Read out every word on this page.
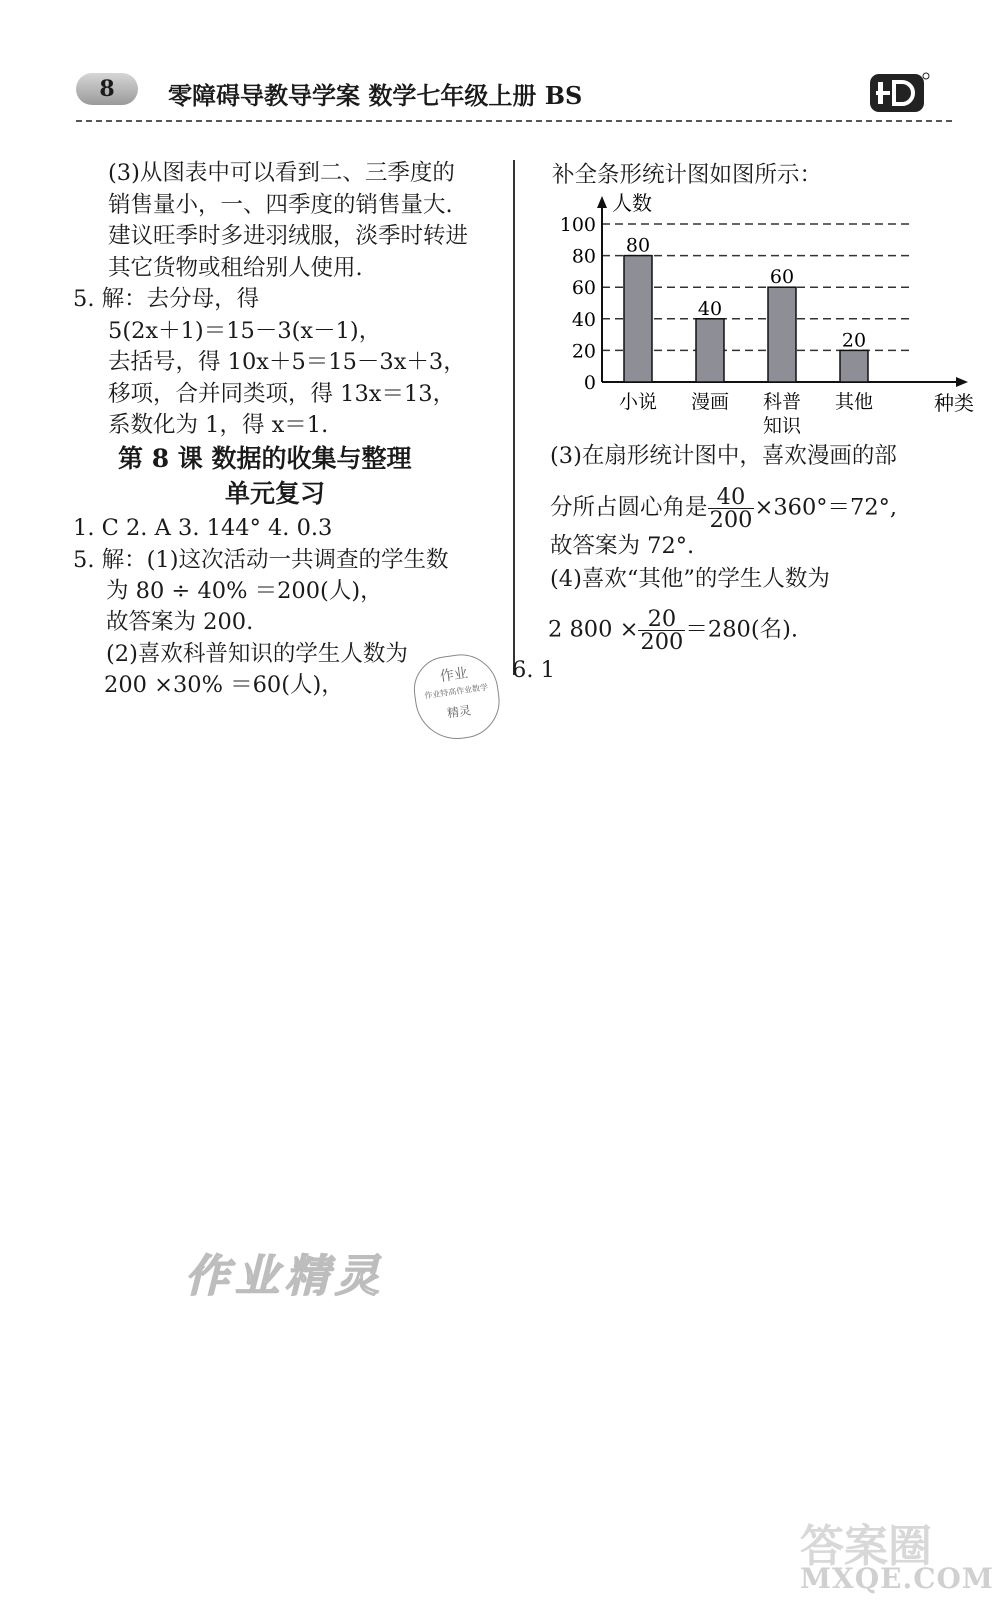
8	零障碍导教导学案 数学七年级上册 BS
(3)从图表中可以看到二、三季度的
销售量小，一、四季度的销售量大.
建议旺季时多进羽绒服，淡季时转进
其它货物或租给别人使用.
5. 解：去分母，得
5(2x＋1)＝15－3(x－1)，
去括号，得 10x＋5＝15－3x＋3，
移项，合并同类项，得 13x＝13，
系数化为 1，得 x＝1.
第 8 课 数据的收集与整理
单元复习
1. C 2. A 3. 144° 4. 0.3
5. 解：(1)这次活动一共调查的学生数
为 80 ÷ 40% ＝200(人)，
故答案为 200.
(2)喜欢科普知识的学生人数为
200 ×30% ＝60(人)，	作业
作业特高作业数学
精灵
补全条形统计图如图所示：
0
20
40
60
80
100
人数
种类
80
小说
40
漫画
60
科普
知识
20
其他
(3)在扇形统计图中，喜欢漫画的部
分所占圆心角是 $\frac{40}{200} \times 360^\circ=72^\circ$,
故答案为 72°.
(4)喜欢“其他”的学生人数为
2 $800 \times \frac{20}{200} =280$(名).
6. 1
作业精灵
答案圈
MXQE.COM
